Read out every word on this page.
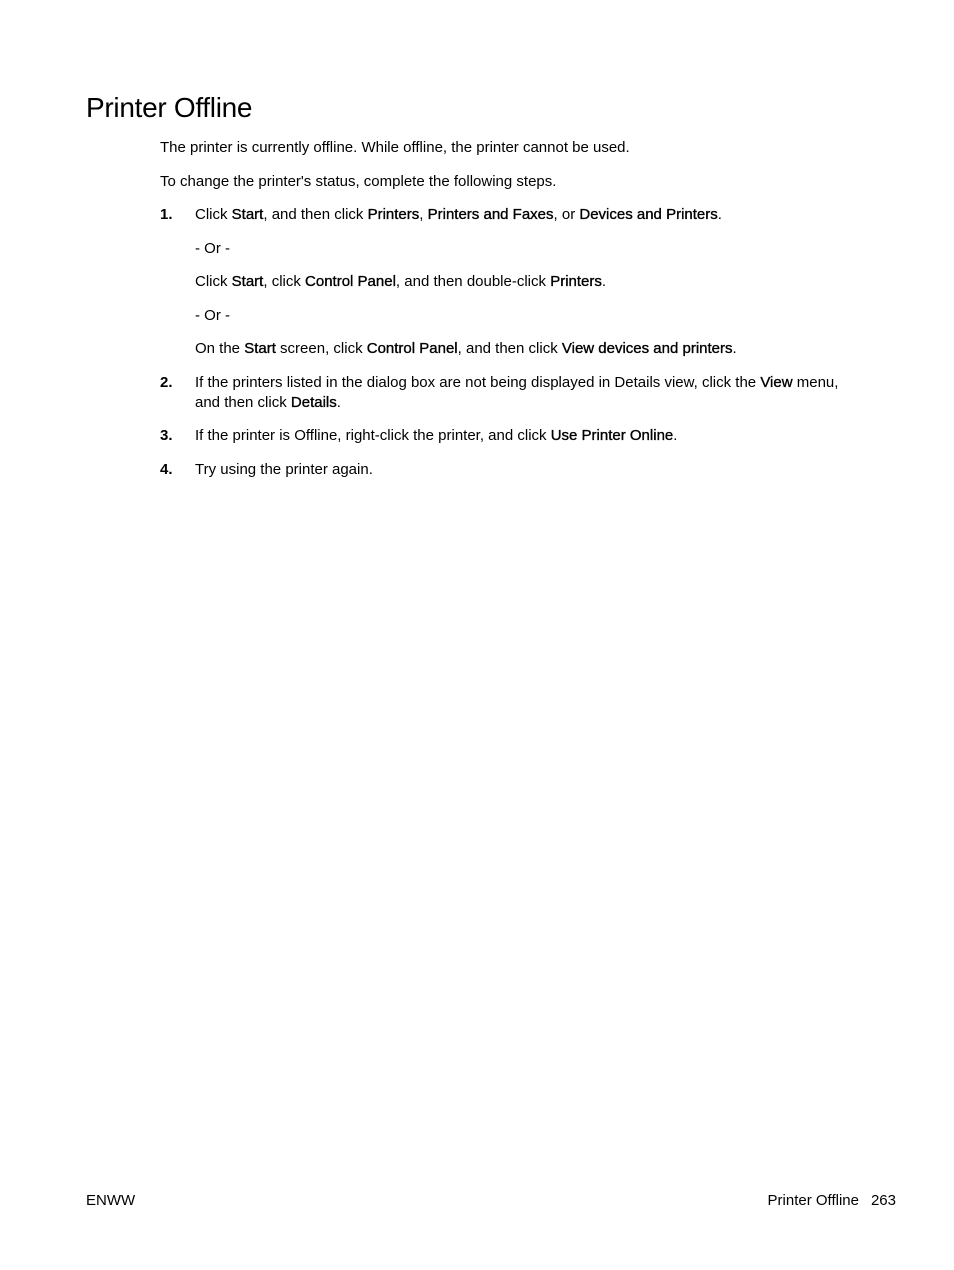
Printer Offline

The printer is currently offline. While offline, the printer cannot be used.

To change the printer's status, complete the following steps.

1. Click Start, and then click Printers, Printers and Faxes, or Devices and Printers.

- Or -

Click Start, click Control Panel, and then double-click Printers.

- Or -

On the Start screen, click Control Panel, and then click View devices and printers.

2. If the printers listed in the dialog box are not being displayed in Details view, click the View menu, and then click Details.

3. If the printer is Offline, right-click the printer, and click Use Printer Online.

4. Try using the printer again.

ENWW	Printer Offline 263
